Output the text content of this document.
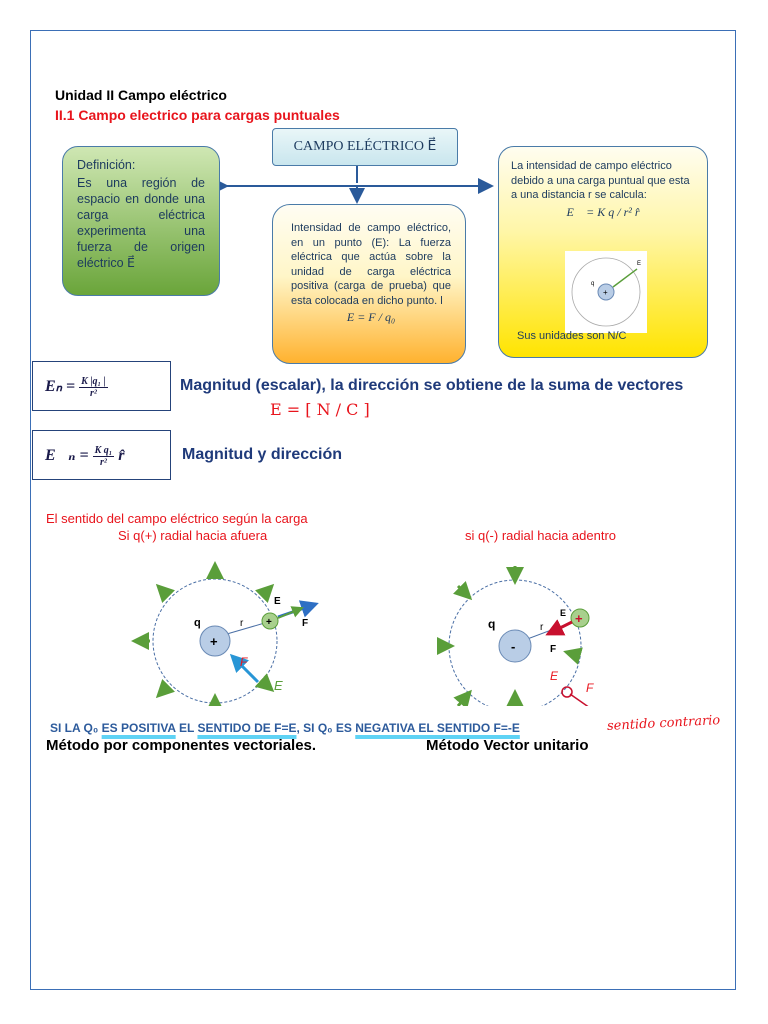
Unidad II Campo eléctrico
II.1 Campo electrico para cargas puntuales
CAMPO ELÉCTRICO E⃗
Definición:
Es una región de espacio en donde una carga eléctrica experimenta una fuerza de origen eléctrico E⃗
Intensidad de campo eléctrico, en un punto (E): La fuerza eléctrica que actúa sobre la unidad de carga eléctrica positiva (carga de prueba) que esta colocada en dicho punto. l
E = F / q₀
La intensidad de campo eléctrico debido a una carga puntual que esta a una distancia r se calcula:
E⃗ = K q / r² r̂
+
q
E
Sus unidades son N/C
$E_n = \frac{\text{K |q₁ |}}{\text{r²}}$	Magnitud (escalar), la dirección se obtiene de la suma de vectores
E = [ N / C ]
E⃗ₙ = $\frac{\text{K q₁}}{\text{r²}}$ r̂	Magnitud y dirección
El sentido del campo eléctrico según la carga
Si q(+) radial hacia afuera	si q(-) radial hacia adentro
+
q	r +
E
F
F
E
-
q	r
+
E
F
E
F
SI LA Q₀ ES POSITIVA EL SENTIDO DE F=E, SI Q₀ ES NEGATIVA EL SENTIDO F=-E	sentido contrario
Método por componentes vectoriales.	Método Vector unitario
